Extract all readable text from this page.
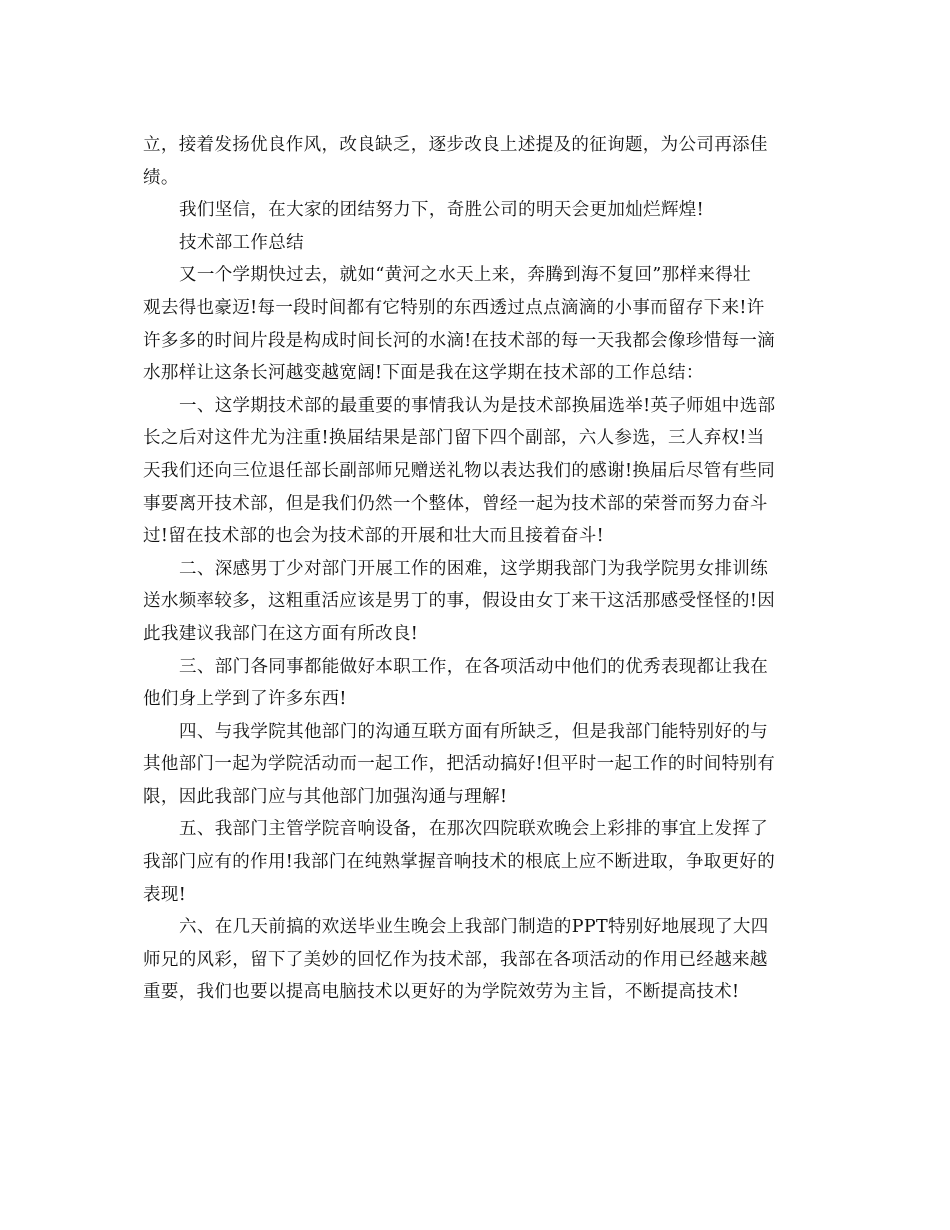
立，接着发扬优良作风，改良缺乏，逐步改良上述提及的征询题，为公司再添佳
绩。
我们坚信，在大家的团结努力下，奇胜公司的明天会更加灿烂辉煌!
技术部工作总结
又一个学期快过去，就如“黄河之水天上来，奔腾到海不复回”那样来得壮
观去得也豪迈!每一段时间都有它特别的东西透过点点滴滴的小事而留存下来!许
许多多的时间片段是构成时间长河的水滴!在技术部的每一天我都会像珍惜每一滴
水那样让这条长河越变越宽阔!下面是我在这学期在技术部的工作总结：
一、这学期技术部的最重要的事情我认为是技术部换届选举!英子师姐中选部
长之后对这件尤为注重!换届结果是部门留下四个副部，六人参选，三人弃权!当
天我们还向三位退任部长副部师兄赠送礼物以表达我们的感谢!换届后尽管有些同
事要离开技术部，但是我们仍然一个整体，曾经一起为技术部的荣誉而努力奋斗
过!留在技术部的也会为技术部的开展和壮大而且接着奋斗!
二、深感男丁少对部门开展工作的困难，这学期我部门为我学院男女排训练
送水频率较多，这粗重活应该是男丁的事，假设由女丁来干这活那感受怪怪的!因
此我建议我部门在这方面有所改良!
三、部门各同事都能做好本职工作，在各项活动中他们的优秀表现都让我在
他们身上学到了许多东西!
四、与我学院其他部门的沟通互联方面有所缺乏，但是我部门能特别好的与
其他部门一起为学院活动而一起工作，把活动搞好!但平时一起工作的时间特别有
限，因此我部门应与其他部门加强沟通与理解!
五、我部门主管学院音响设备，在那次四院联欢晚会上彩排的事宜上发挥了
我部门应有的作用!我部门在纯熟掌握音响技术的根底上应不断进取，争取更好的
表现!
六、在几天前搞的欢送毕业生晚会上我部门制造的PPT特别好地展现了大四
师兄的风彩，留下了美妙的回忆作为技术部，我部在各项活动的作用已经越来越
重要，我们也要以提高电脑技术以更好的为学院效劳为主旨，不断提高技术!
